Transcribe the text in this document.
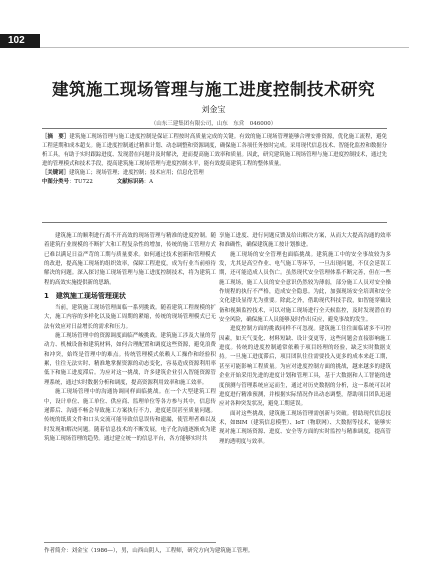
102
建筑施工现场管理与施工进度控制技术研究
刘金宝
（山东三建集团有限公司，山东　东営　046000）
［摘　要］建筑施工现场管理与施工进度控制是保证工程按时高质量完成的关键。有效的施工现场管理能够合理安排资源，优化施工流程，避免工程延期和成本超支。施工进度控制通过精准计划、动态调整和资源调度，确保施工各项任务按时完成。采用现代信息技术、智能化监控和数据分析工具，有助于实时跟踪进度、发现潜在问题并及时解决，进而提高施工效率和质量。因此，研究建筑施工现场管理与施工进度控制技术，通过先进的管理模式和技术手段，提高建筑施工现场管理与进度控制水平，能有效提高建筑工程的整体质量。
［关键词］建筑施工；现场管理；进度控制；技术应用；信息化管理
中图分类号：TU722	文献标识码：A

建筑施工的顺利进行离不开高效的现场管理与精准的进度控制。随着建筑行业规模的不断扩大和工程复杂性的增加，传统的施工管理方式已难以满足日益严苛的工期与质量要求。如何通过技术创新和管理模式的改进，提高施工现场的组织效率，保障工程进度，成为行业当前亟待解决的问题。深入探讨施工现场管理与施工进度控制技术，将为建筑工程的高效实施提供新的思路。

1　建筑施工现场管理现状

当前，建筑施工现场管理面临一系列挑战。随着建筑工程规模的扩大，施工内容的多样化以及施工周期的紧缩，传统的现场管理模式已无法有效应对日益增长的需求和压力。

施工现场管理中的资源调度面临严峻挑战。建筑施工涉及大量的劳动力、机械设备和建筑材料，如何合理配置和调度这些资源，避免浪费和冲突，始终是管理中的难点。传统管理模式依赖人工操作和经验积累，往往无法实时、精准地掌握资源的动态变化，容易造成资源利用率低下和施工进度滞后。为应对这一挑战，许多建筑企业引入智能资源管理系统，通过实时数据分析和调度，提高资源利用效率和施工效率。

施工现场管理中的沟通协调同样面临挑战。在一个大型建筑工程中，设计单位、施工单位、供应商、监理单位等各方参与其中，信息传递滞后、沟通不畅会导致施工方案执行不力，进度延误甚至质量问题。传统的纸质文件和口头交流可能导致信息误传和遗漏，使管理者难以及时发现和解决问题。随着信息技术的不断发展，电子化沟通逐渐成为建筑施工现场管理的趋势。通过建立统一的信息平台，各方能够实时共

享施工进度、进行问题反馈及给出解决方案，从而大大提高沟通的效率和准确性，确保建筑施工按计划推进。

施工现场的安全管理也面临挑战。建筑施工中的安全事故较为多发，尤其是高空作业、电气施工等环节，一旦出现问题，不仅会延误工期，还可能造成人员伤亡。虽然现代安全管理体系不断完善，但在一些施工现场，施工人员的安全意识仍然较为薄弱，部分施工人员对安全操作规程的执行不严格，造成安全隐患。为此，加强现场安全培训和安全文化建设显得尤为重要。除此之外，借助现代科技手段，如智能穿戴设备和视频监控技术，可以对施工现场进行全天候监控，及时发现潜在的安全风险，确保施工人员能够及时作出反应，避免事故的发生。

进度控制方面的挑战同样不可忽视。建筑施工往往面临诸多不可控因素，如天气变化、材料短缺、设计变更等，这些问题会直接影响施工进度。传统的进度控制通常依赖于项目经理的经验，缺乏实时数据支持。一旦施工进度滞后，项目团队往往需要投入更多的成本来赶工期，甚至可能影响工程质量。为应对进度控制方面的挑战，越来越多的建筑企业开始采用先进的进度计划和管理工具，基于大数据和人工智能的进度预测与管理系统应运而生，通过对历史数据的分析，这一系统可以对进度进行精准预测，并根据实际情况作出动态调整，帮助项目团队迅速应对各种突发状况，避免工期延误。

面对这些挑战，建筑施工现场管理需创新与突破。借助现代信息技术，如BIM（建筑信息模型）、IoT（物联网）、大数据等技术，能够实现对施工现场资源、进度、安全等方面的实时监控与精准调度，提高管理的透明度与效率。

作者简介：刘金宝（1986—），男，山西山阴人，工程师，研究方向为建筑施工管理。
